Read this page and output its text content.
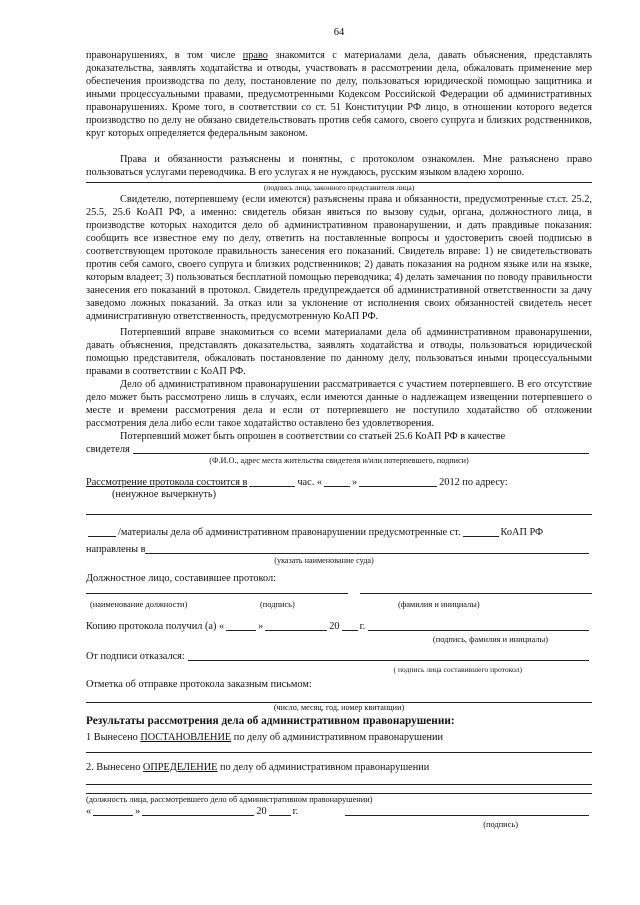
64

правонарушениях, в том числе право знакомится с материалами дела, давать объяснения, представлять доказательства, заявлять ходатайства и отводы, участвовать в рассмотрении дела, обжаловать применение мер обеспечения производства по делу, постановление по делу, пользоваться юридической помощью защитника и иными процессуальными правами, предусмотренными Кодексом Российской Федерации об административных правонарушениях. Кроме того, в соответствии со ст. 51 Конституции РФ лицо, в отношении которого ведется производство по делу не обязано свидетельствовать против себя самого, своего супруга и близких родственников, круг которых определяется федеральным законом.

Права и обязанности разъяснены и понятны, с протоколом ознакомлен. Мне разъяснено право пользоваться услугами переводчика. В его услугах я не нуждаюсь, русским языком владею хорошо.

(подпись лица, законного представителя лица)

Свидетелю, потерпевшему (если имеются) разъяснены права и обязанности, предусмотренные ст.ст. 25.2, 25.5, 25.6 КоАП РФ, а именно: свидетель обязан явиться по вызову судьи, органа, должностного лица, в производстве которых находится дело об административном правонарушении, и дать правдивые показания: сообщить все известное ему по делу, ответить на поставленные вопросы и удостоверить своей подписью в соответствующем протоколе правильность занесения его показаний. Свидетель вправе: 1) не свидетельствовать против себя самого, своего супруга и близких родственников; 2) давать показания на родном языке или на языке, которым владеет; 3) пользоваться бесплатной помощью переводчика; 4) делать замечания по поводу правильности занесения его показаний в протокол. Свидетель предупреждается об административной ответственности за дачу заведомо ложных показаний. За отказ или за уклонение от исполнения своих обязанностей свидетель несет административную ответственность, предусмотренную КоАП РФ.

Потерпевший вправе знакомиться со всеми материалами дела об административном правонарушении, давать объяснения, представлять доказательства, заявлять ходатайства и отводы, пользоваться юридической помощью представителя, обжаловать постановление по данному делу, пользоваться иными процессуальными правами в соответствии с КоАП РФ.

Дело об административном правонарушении рассматривается с участием потерпевшего. В его отсутствие дело может быть рассмотрено лишь в случаях, если имеются данные о надлежащем извещении потерпевшего о месте и времени рассмотрения дела и если от потерпевшего не поступило ходатайство об отложении рассмотрения дела либо если такое ходатайство оставлено без удовлетворения.

Потерпевший может быть опрошен в соответствии со статьей 25.6 КоАП РФ в качестве

свидетеля
(Ф.И.О., адрес места жительства свидетеля и/или потерпевшего, подписи)
Рассмотрение протокола состоится в	час. «	»	2012 по адресу:
(ненужное вычеркнуть)
/ материалы дела об административном правонарушении предусмотренные ст.	КоАП РФ
направлены в
(указать наименование суда)
Должностное лицо, составившее протокол:
(наименование должности)	(подпись)	(фамилия и инициалы)
Копию протокола получил (а) «	»	20 г.
(подпись, фамилия и инициалы)
От подписи отказался:
( подпись лица составившего протокол)
Отметка об отправке протокола заказным письмом:
(число, месяц, год, номер квитанции)
Результаты рассмотрения дела об административном правонарушении:
1 Вынесено ПОСТАНОВЛЕНИЕ по делу об административном правонарушении
2. Вынесено ОПРЕДЕЛЕНИЕ по делу об административном правонарушении
(должность лица, рассмотревшего дело об административном правонарушении)
«	»	20	г.
(подпись)
